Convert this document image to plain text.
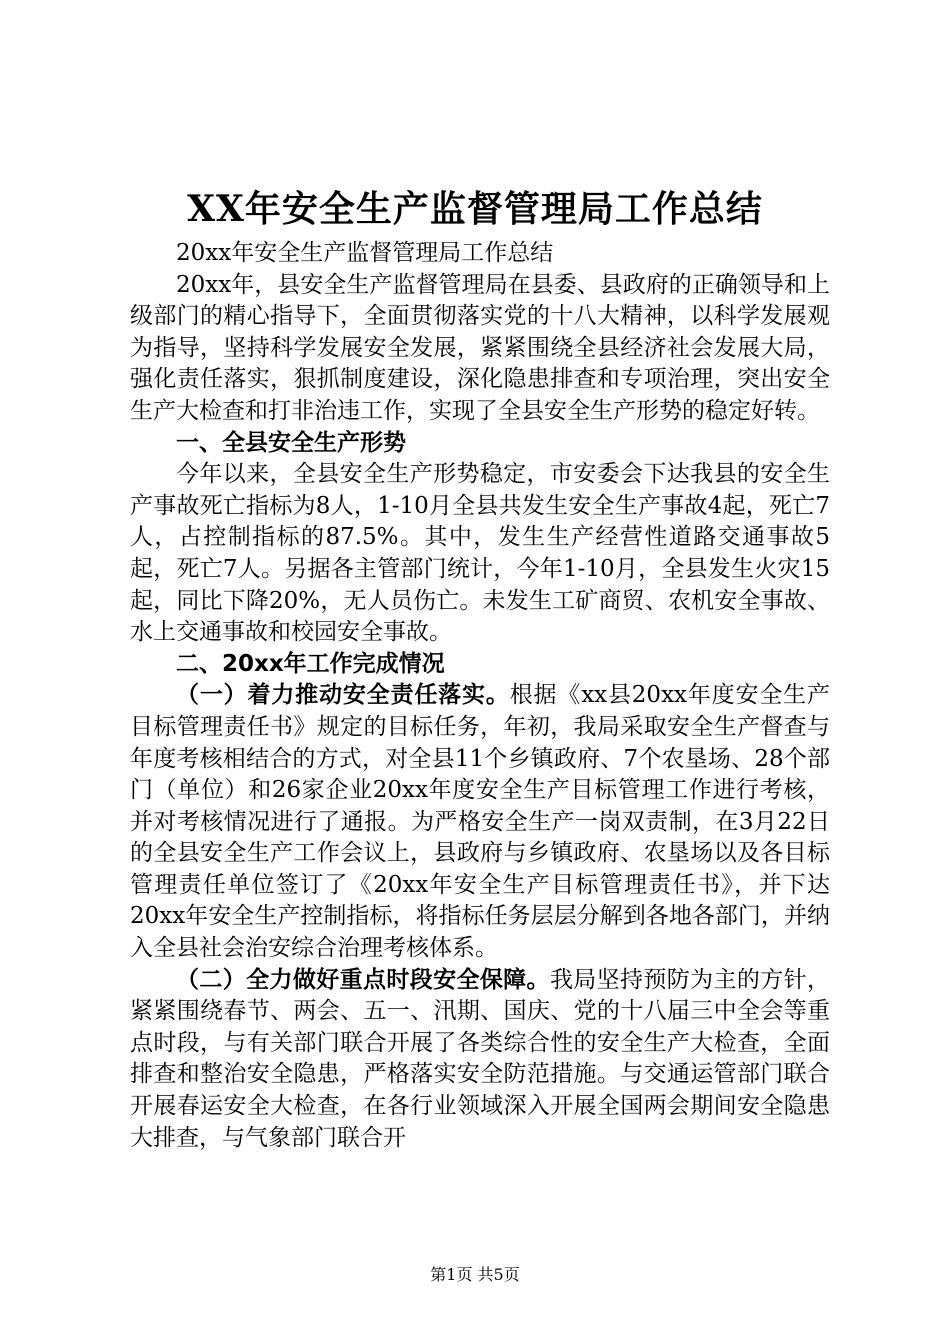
XX年安全生产监督管理局工作总结

20xx年安全生产监督管理局工作总结

20xx年，县安全生产监督管理局在县委、县政府的正确领导和上级部门的精心指导下，全面贯彻落实党的十八大精神，以科学发展观为指导，坚持科学发展安全发展，紧紧围绕全县经济社会发展大局，强化责任落实，狠抓制度建设，深化隐患排查和专项治理，突出安全生产大检查和打非治违工作，实现了全县安全生产形势的稳定好转。

一、全县安全生产形势

今年以来，全县安全生产形势稳定，市安委会下达我县的安全生产事故死亡指标为8人，1-10月全县共发生安全生产事故4起，死亡7人，占控制指标的87.5%。其中，发生生产经营性道路交通事故5起，死亡7人。另据各主管部门统计，今年1-10月，全县发生火灾15起，同比下降20%，无人员伤亡。未发生工矿商贸、农机安全事故、水上交通事故和校园安全事故。

二、20xx年工作完成情况

（一）着力推动安全责任落实。根据《xx县20xx年度安全生产目标管理责任书》规定的目标任务，年初，我局采取安全生产督查与年度考核相结合的方式，对全县11个乡镇政府、7个农垦场、28个部门（单位）和26家企业20xx年度安全生产目标管理工作进行考核，并对考核情况进行了通报。为严格安全生产一岗双责制，在3月22日的全县安全生产工作会议上，县政府与乡镇政府、农垦场以及各目标管理责任单位签订了《20xx年安全生产目标管理责任书》，并下达20xx年安全生产控制指标，将指标任务层层分解到各地各部门，并纳入全县社会治安综合治理考核体系。

（二）全力做好重点时段安全保障。我局坚持预防为主的方针，紧紧围绕春节、两会、五一、汛期、国庆、党的十八届三中全会等重点时段，与有关部门联合开展了各类综合性的安全生产大检查，全面排查和整治安全隐患，严格落实安全防范措施。与交通运管部门联合开展春运安全大检查，在各行业领域深入开展全国两会期间安全隐患大排查，与气象部门联合开

第1页 共5页
